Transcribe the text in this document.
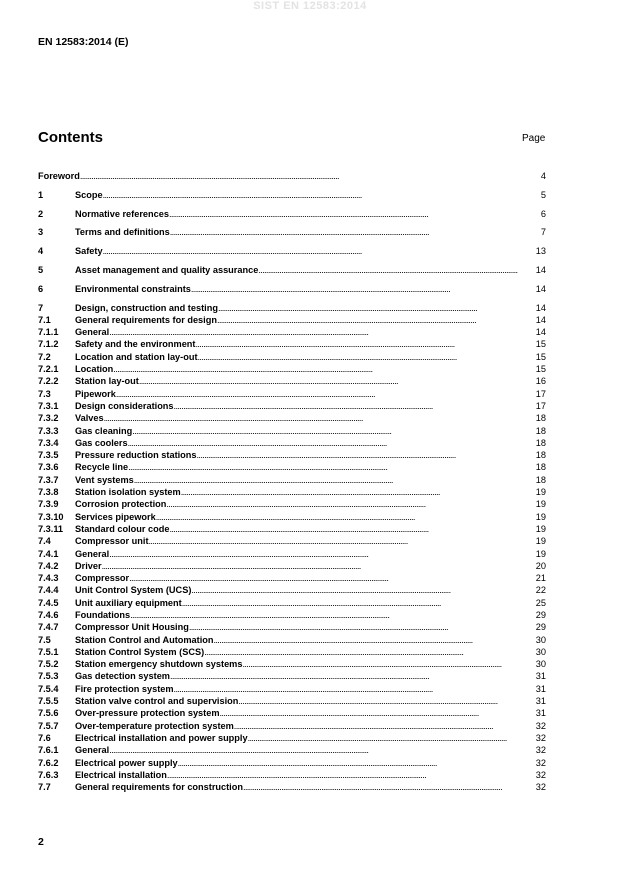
SIST EN 12583:2014
EN 12583:2014 (E)
Contents	Page
Foreword . . .	4
1	Scope . . .	5
2	Normative references . . .	6
3	Terms and definitions . . .	7
4	Safety . . .	13
5	Asset management and quality assurance . . .	14
6	Environmental constraints . . .	14
7	Design, construction and testing . . .	14
7.1	General requirements for design . . .	14
7.1.1	General . . .	14
7.1.2	Safety and the environment . . .	15
7.2	Location and station lay-out . . .	15
7.2.1	Location . . .	15
7.2.2	Station lay-out . . .	16
7.3	Pipework . . .	17
7.3.1	Design considerations . . .	17
7.3.2	Valves . . .	18
7.3.3	Gas cleaning . . .	18
7.3.4	Gas coolers . . .	18
7.3.5	Pressure reduction stations . . .	18
7.3.6	Recycle line . . .	18
7.3.7	Vent systems . . .	18
7.3.8	Station isolation system . . .	19
7.3.9	Corrosion protection . . .	19
7.3.10	Services pipework . . .	19
7.3.11	Standard colour code . . .	19
7.4	Compressor unit . . .	19
7.4.1	General . . .	19
7.4.2	Driver . . .	20
7.4.3	Compressor . . .	21
7.4.4	Unit Control System (UCS) . . .	22
7.4.5	Unit auxiliary equipment . . .	25
7.4.6	Foundations . . .	29
7.4.7	Compressor Unit Housing . . .	29
7.5	Station Control and Automation . . .	30
7.5.1	Station Control System (SCS) . . .	30
7.5.2	Station emergency shutdown systems . . .	30
7.5.3	Gas detection system . . .	31
7.5.4	Fire protection system . . .	31
7.5.5	Station valve control and supervision . . .	31
7.5.6	Over-pressure protection system . . .	31
7.5.7	Over-temperature protection system . . .	32
7.6	Electrical installation and power supply . . .	32
7.6.1	General . . .	32
7.6.2	Electrical power supply . . .	32
7.6.3	Electrical installation . . .	32
7.7	General requirements for construction . . .	32
2
